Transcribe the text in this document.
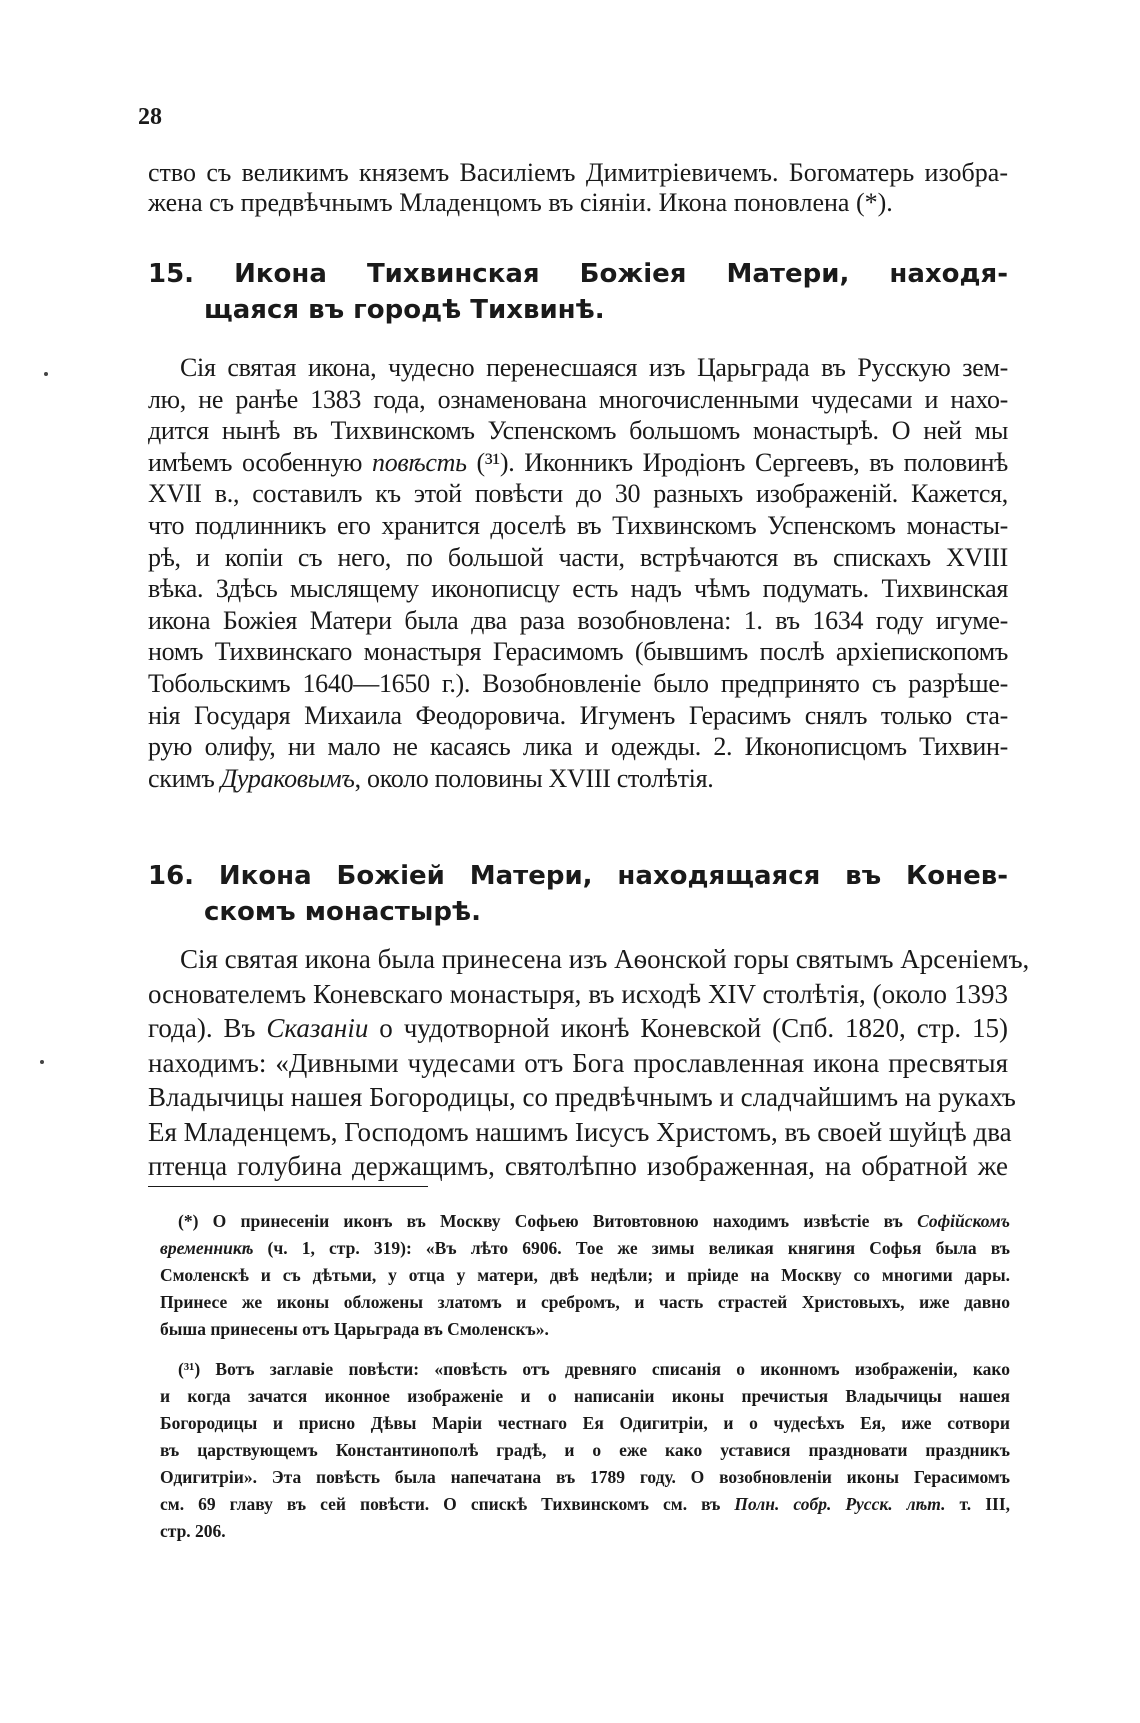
28

ство съ великимъ княземъ Василіемъ Димитріевичемъ. Богоматерь изобра-
жена съ предвѣчнымъ Младенцомъ въ сіяніи. Икона поновлена (*).

15. Икона Тихвинская Божіея Матери, находя-
щаяся въ городѣ Тихвинѣ.

Сія святая икона, чудесно перенесшаяся изъ Царьграда въ Русскую зем-
лю, не ранѣе 1383 года, ознаменована многочисленными чудесами и нахо-
дится нынѣ въ Тихвинскомъ Успенскомъ большомъ монастырѣ. О ней мы
имѣемъ особенную повѣсть (³¹). Иконникъ Иродіонъ Сергеевъ, въ половинѣ
XVII в., составилъ къ этой повѣсти до 30 разныхъ изображеній. Кажется,
что подлинникъ его хранится доселѣ въ Тихвинскомъ Успенскомъ монасты-
рѣ, и копіи съ него, по большой части, встрѣчаются въ спискахъ XVIII
вѣка. Здѣсь мыслящему иконописцу есть надъ чѣмъ подумать. Тихвинская
икона Божіея Матери была два раза возобновлена: 1. въ 1634 году игуме-
номъ Тихвинскаго монастыря Герасимомъ (бывшимъ послѣ архіепископомъ
Тобольскимъ 1640—1650 г.). Возобновленіе было предпринято съ разрѣше-
нія Государя Михаила Феодоровича. Игуменъ Герасимъ снялъ только ста-
рую олифу, ни мало не касаясь лика и одежды. 2. Иконописцомъ Тихвин-
скимъ Дураковымъ, около половины XVIII столѣтія.

16. Икона Божіей Матери, находящаяся въ Конев-
скомъ монастырѣ.

Сія святая икона была принесена изъ Аѳонской горы святымъ Арсеніемъ,
основателемъ Коневскаго монастыря, въ исходѣ XIV столѣтія, (около 1393
года). Въ Сказаніи о чудотворной иконѣ Коневской (Спб. 1820, стр. 15)
находимъ: «Дивными чудесами отъ Бога прославленная икона пресвятыя
Владычицы нашея Богородицы, со предвѣчнымъ и сладчайшимъ на рукахъ
Ея Младенцемъ, Господомъ нашимъ Іисусъ Христомъ, въ своей шуйцѣ два
птенца голубина держащимъ, святолѣпно изображенная, на обратной же

(*) О принесеніи иконъ въ Москву Софьею Витовтовною находимъ извѣстіе въ Софійскомъ
временникѣ (ч. 1, стр. 319): «Въ лѣто 6906. Тое же зимы великая княгиня Софья была въ
Смоленскѣ и съ дѣтьми, у отца у матери, двѣ недѣли; и пріиде на Москву со многими дары.
Принесе же иконы обложены златомъ и сребромъ, и часть страстей Христовыхъ, иже давно
быша принесены отъ Царьграда въ Смоленскъ».

(³¹) Вотъ заглавіе повѣсти: «повѣсть отъ древняго списанія о иконномъ изображеніи, како
и когда зачатся иконное изображеніе и о написаніи иконы пречистыя Владычицы нашея
Богородицы и присно Дѣвы Маріи честнаго Ея Одигитріи, и о чудесѣхъ Ея, иже сотвори
въ царствующемъ Константинополѣ градѣ, и о еже како уставися праздновати праздникъ
Одигитріи». Эта повѣсть была напечатана въ 1789 году. О возобновленіи иконы Герасимомъ
см. 69 главу въ сей повѣсти. О спискѣ Тихвинскомъ см. въ Полн. собр. Русск. лѣт. т. III,
стр. 206.
